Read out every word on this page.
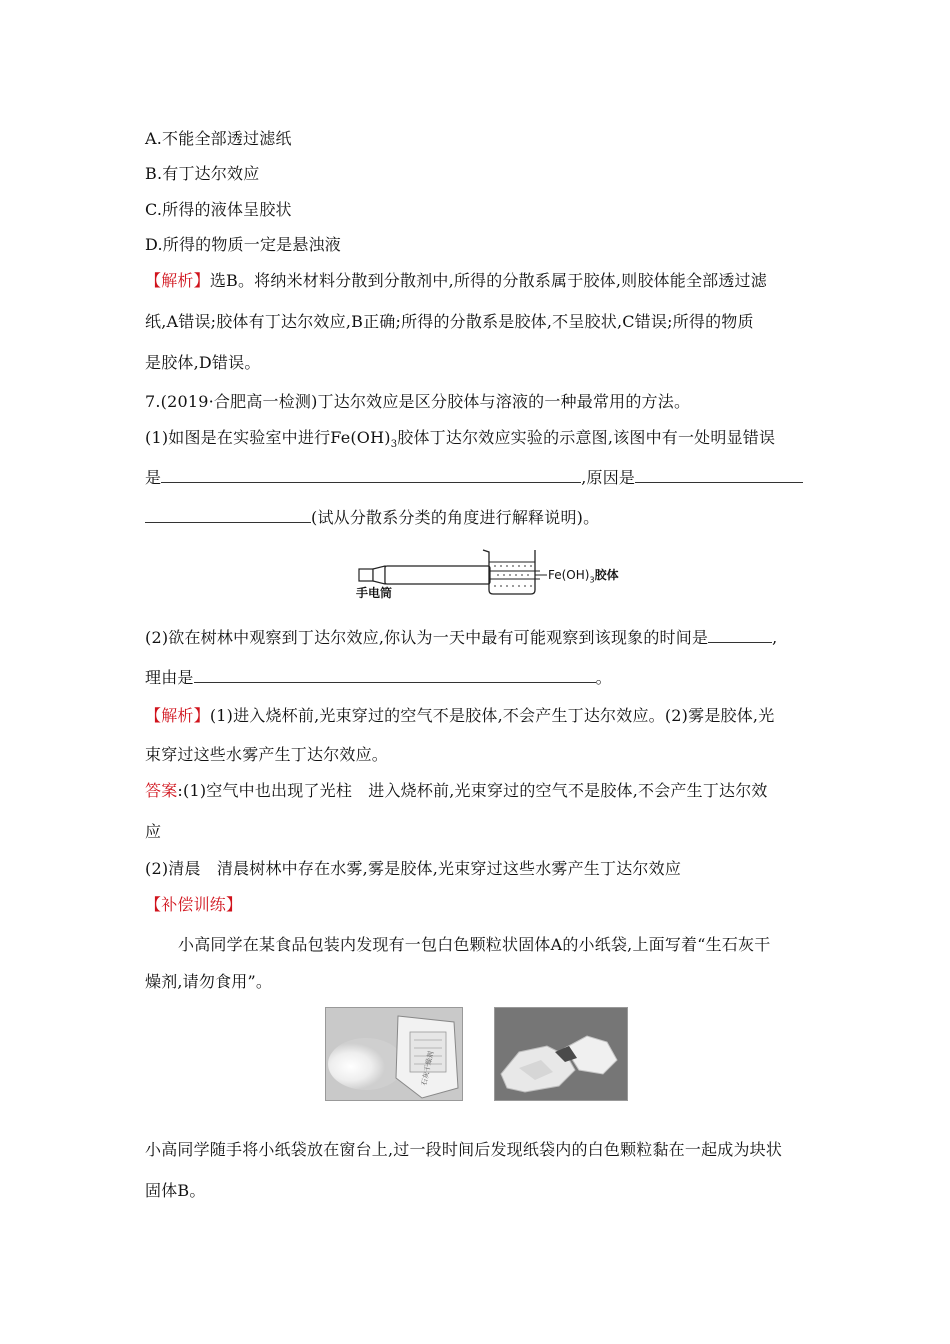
A.不能全部透过滤纸
B.有丁达尔效应
C.所得的液体呈胶状
D.所得的物质一定是悬浊液
【解析】选B。将纳米材料分散到分散剂中,所得的分散系属于胶体,则胶体能全部透过滤
纸,A错误;胶体有丁达尔效应,B正确;所得的分散系是胶体,不呈胶状,C错误;所得的物质
是胶体,D错误。
7.(2019·合肥高一检测)丁达尔效应是区分胶体与溶液的一种最常用的方法。
(1)如图是在实验室中进行$Fe(OH)_3$胶体丁达尔效应实验的示意图,该图中有一处明显错误
是	,原因是
(试从分散系分类的角度进行解释说明)。
手电筒
$Fe(OH)_3$胶体
(2)欲在树林中观察到丁达尔效应,你认为一天中最有可能观察到该现象的时间是	,
理由是	。
【解析】(1)进入烧杯前,光束穿过的空气不是胶体,不会产生丁达尔效应。(2)雾是胶体,光
束穿过这些水雾产生丁达尔效应。
答案:(1)空气中也出现了光柱　进入烧杯前,光束穿过的空气不是胶体,不会产生丁达尔效
应
(2)清晨　清晨树林中存在水雾,雾是胶体,光束穿过这些水雾产生丁达尔效应
【补偿训练】
小高同学在某食品包装内发现有一包白色颗粒状固体A的小纸袋,上面写着“生石灰干
燥剂,请勿食用”。
石灰干燥剂
小高同学随手将小纸袋放在窗台上,过一段时间后发现纸袋内的白色颗粒黏在一起成为块状
固体B。
